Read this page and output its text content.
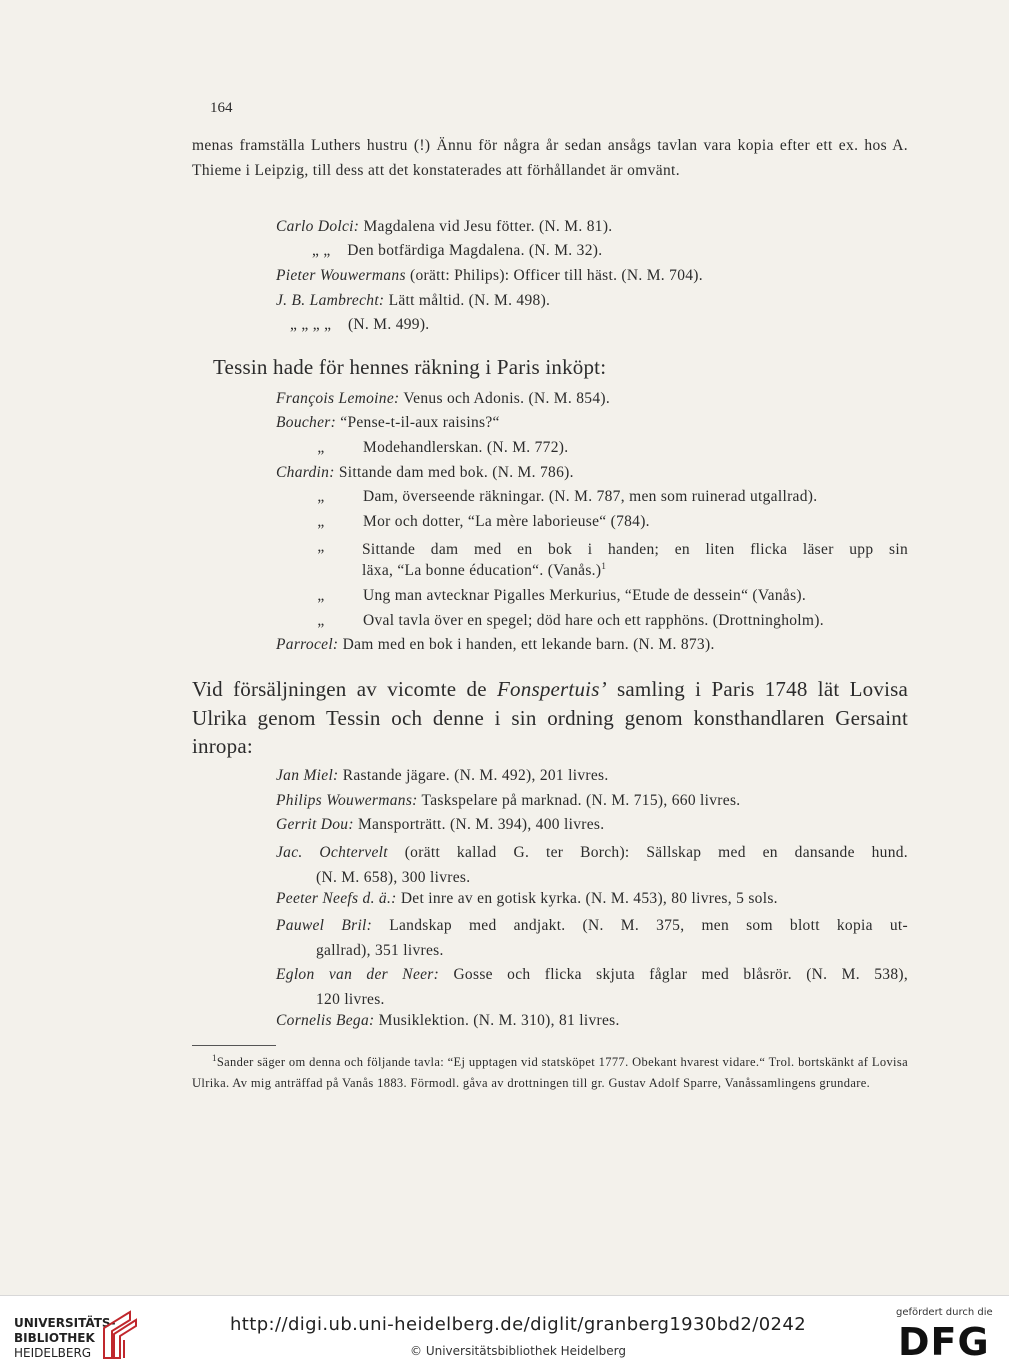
164
menas framställa Luthers hustru (!) Ännu för några år sedan ansågs tavlan vara kopia efter ett ex. hos A. Thieme i Leipzig, till dess att det konstaterades att förhållandet är omvänt.
Carlo Dolci: Magdalena vid Jesu fötter. (N. M. 81).
„ „ Den botfärdiga Magdalena. (N. M. 32).
Pieter Wouwermans (orätt: Philips): Officer till häst. (N. M. 704).
J. B. Lambrecht: Lätt måltid. (N. M. 498).
„ „ „ „ (N. M. 499).
Tessin hade för hennes räkning i Paris inköpt:
François Lemoine: Venus och Adonis. (N. M. 854).
Boucher: “Pense-t-il-aux raisins?“
„ Modehandlerskan. (N. M. 772).
Chardin: Sittande dam med bok. (N. M. 786).
„ Dam, överseende räkningar. (N. M. 787, men som ruinerad utgallrad).
„ Mor och dotter, “La mère laborieuse“ (784).
„	Sittande dam med en bok i handen; en liten flicka läser upp sin
läxa, “La bonne éducation“. (Vanås.)$^1$
„ Ung man avtecknar Pigalles Merkurius, “Etude de dessein“ (Vanås).
„ Oval tavla över en spegel; död hare och ett rapphöns. (Drottningholm).
Parrocel: Dam med en bok i handen, ett lekande barn. (N. M. 873).
Vid försäljningen av vicomte de Fonspertuis’ samling i Paris 1748 lät Lovisa Ulrika genom Tessin och denne i sin ordning genom konsthandlaren Gersaint inropa:
Jan Miel: Rastande jägare. (N. M. 492), 201 livres.
Philips Wouwermans: Taskspelare på marknad. (N. M. 715), 660 livres.
Gerrit Dou: Mansporträtt. (N. M. 394), 400 livres.
Jac. Ochtervelt (orätt kallad G. ter Borch): Sällskap med en dansande hund.
(N. M. 658), 300 livres.
Peeter Neefs d. ä.: Det inre av en gotisk kyrka. (N. M. 453), 80 livres, 5 sols.
Pauwel Bril: Landskap med andjakt. (N. M. 375, men som blott kopia ut-
gallrad), 351 livres.
Eglon van der Neer: Gosse och flicka skjuta fåglar med blåsrör. (N. M. 538),
120 livres.
Cornelis Bega: Musiklektion. (N. M. 310), 81 livres.
$^1$Sander säger om denna och följande tavla: “Ej upptagen vid statsköpet 1777. Obekant hvarest vidare.“ Trol. bortskänkt af Lovisa Ulrika. Av mig anträffad på Vanås 1883. Förmodl. gåva av drottningen till gr. Gustav Adolf Sparre, Vanåssamlingens grundare.
UNIVERSITÄTS-
BIBLIOTHEK
HEIDELBERG
http://digi.ub.uni-heidelberg.de/diglit/granberg1930bd2/0242
© Universitätsbibliothek Heidelberg
gefördert durch die
DFG
